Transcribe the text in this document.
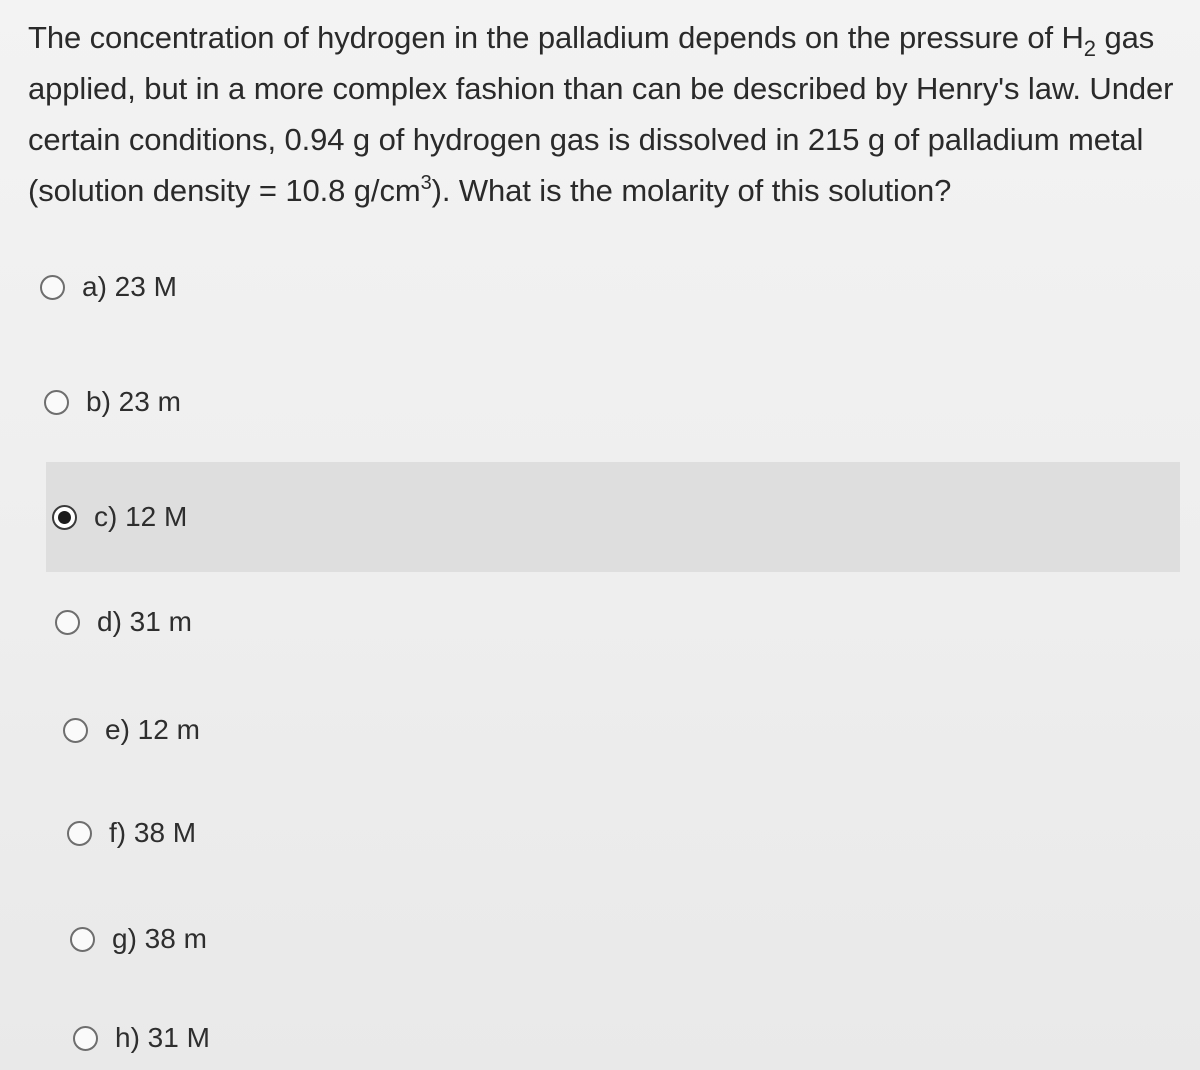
The concentration of hydrogen in the palladium depends on the pressure of $H_2$ gas
applied, but in a more complex fashion than can be described by Henry's law. Under
certain conditions, 0.94 g of hydrogen gas is dissolved in 215 g of palladium metal
(solution density = 10.8 $g/cm^3$). What is the molarity of this solution?
a) 23 M
b) 23 m
c) 12 M
d) 31 m
e) 12 m
f) 38 M
g) 38 m
h) 31 M
